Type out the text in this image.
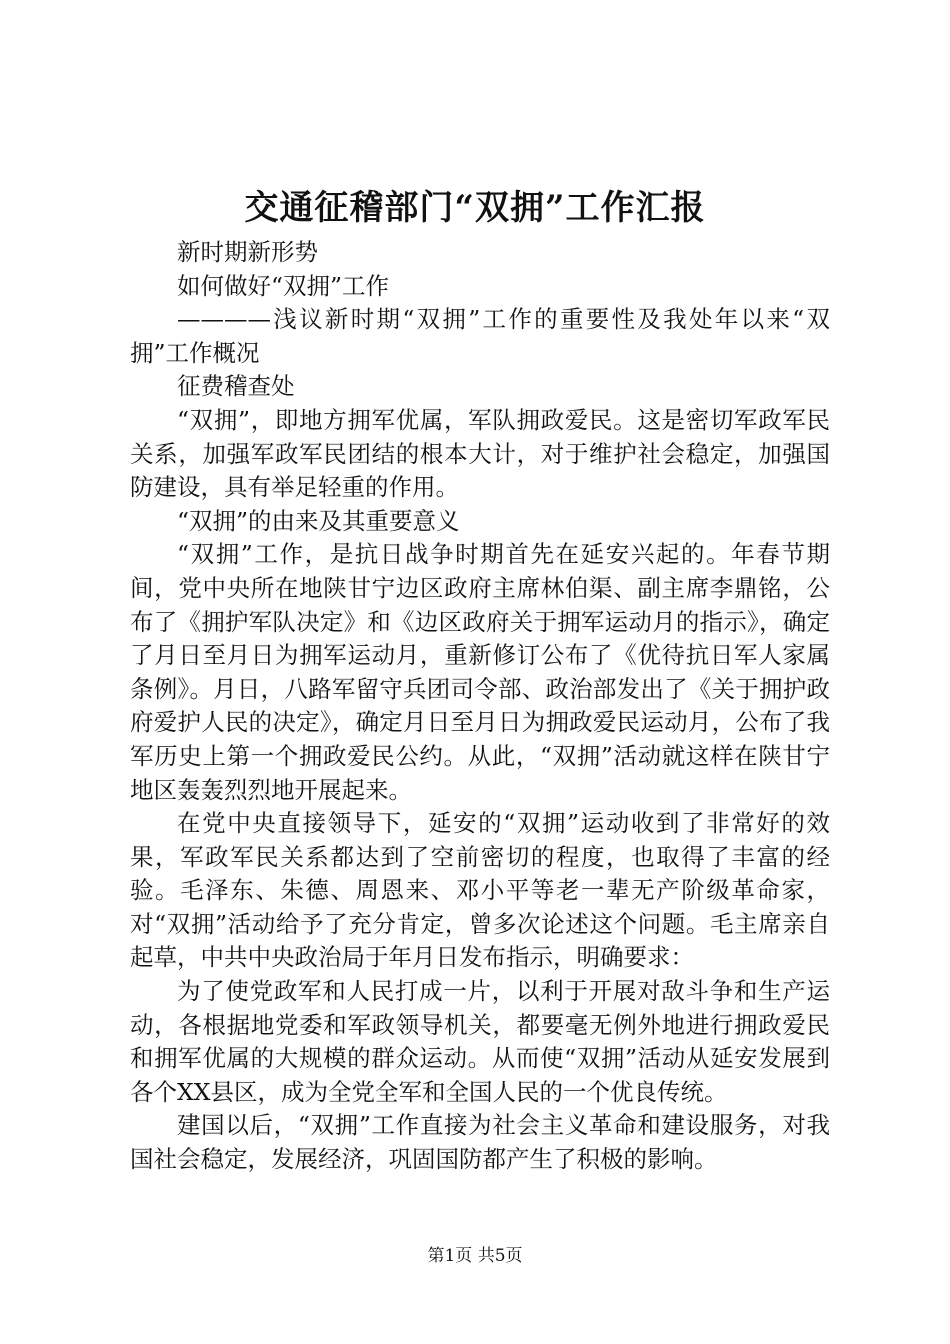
交通征稽部门“双拥”工作汇报

新时期新形势

如何做好“双拥”工作

————浅议新时期“双拥”工作的重要性及我处年以来“双拥”工作概况

征费稽查处

“双拥”，即地方拥军优属，军队拥政爱民。这是密切军政军民关系，加强军政军民团结的根本大计，对于维护社会稳定，加强国防建设，具有举足轻重的作用。

“双拥”的由来及其重要意义

“双拥”工作，是抗日战争时期首先在延安兴起的。年春节期间，党中央所在地陕甘宁边区政府主席林伯渠、副主席李鼎铭，公布了《拥护军队决定》和《边区政府关于拥军运动月的指示》，确定了月日至月日为拥军运动月，重新修订公布了《优待抗日军人家属条例》。月日，八路军留守兵团司令部、政治部发出了《关于拥护政府爱护人民的决定》，确定月日至月日为拥政爱民运动月，公布了我军历史上第一个拥政爱民公约。从此，“双拥”活动就这样在陕甘宁地区轰轰烈烈地开展起来。

在党中央直接领导下，延安的“双拥”运动收到了非常好的效果，军政军民关系都达到了空前密切的程度，也取得了丰富的经验。毛泽东、朱德、周恩来、邓小平等老一辈无产阶级革命家，对“双拥”活动给予了充分肯定，曾多次论述这个问题。毛主席亲自起草，中共中央政治局于年月日发布指示，明确要求：

为了使党政军和人民打成一片，以利于开展对敌斗争和生产运动，各根据地党委和军政领导机关，都要毫无例外地进行拥政爱民和拥军优属的大规模的群众运动。从而使“双拥”活动从延安发展到各个XX县区，成为全党全军和全国人民的一个优良传统。

建国以后，“双拥”工作直接为社会主义革命和建设服务，对我国社会稳定，发展经济，巩固国防都产生了积极的影响。

第1页 共5页
